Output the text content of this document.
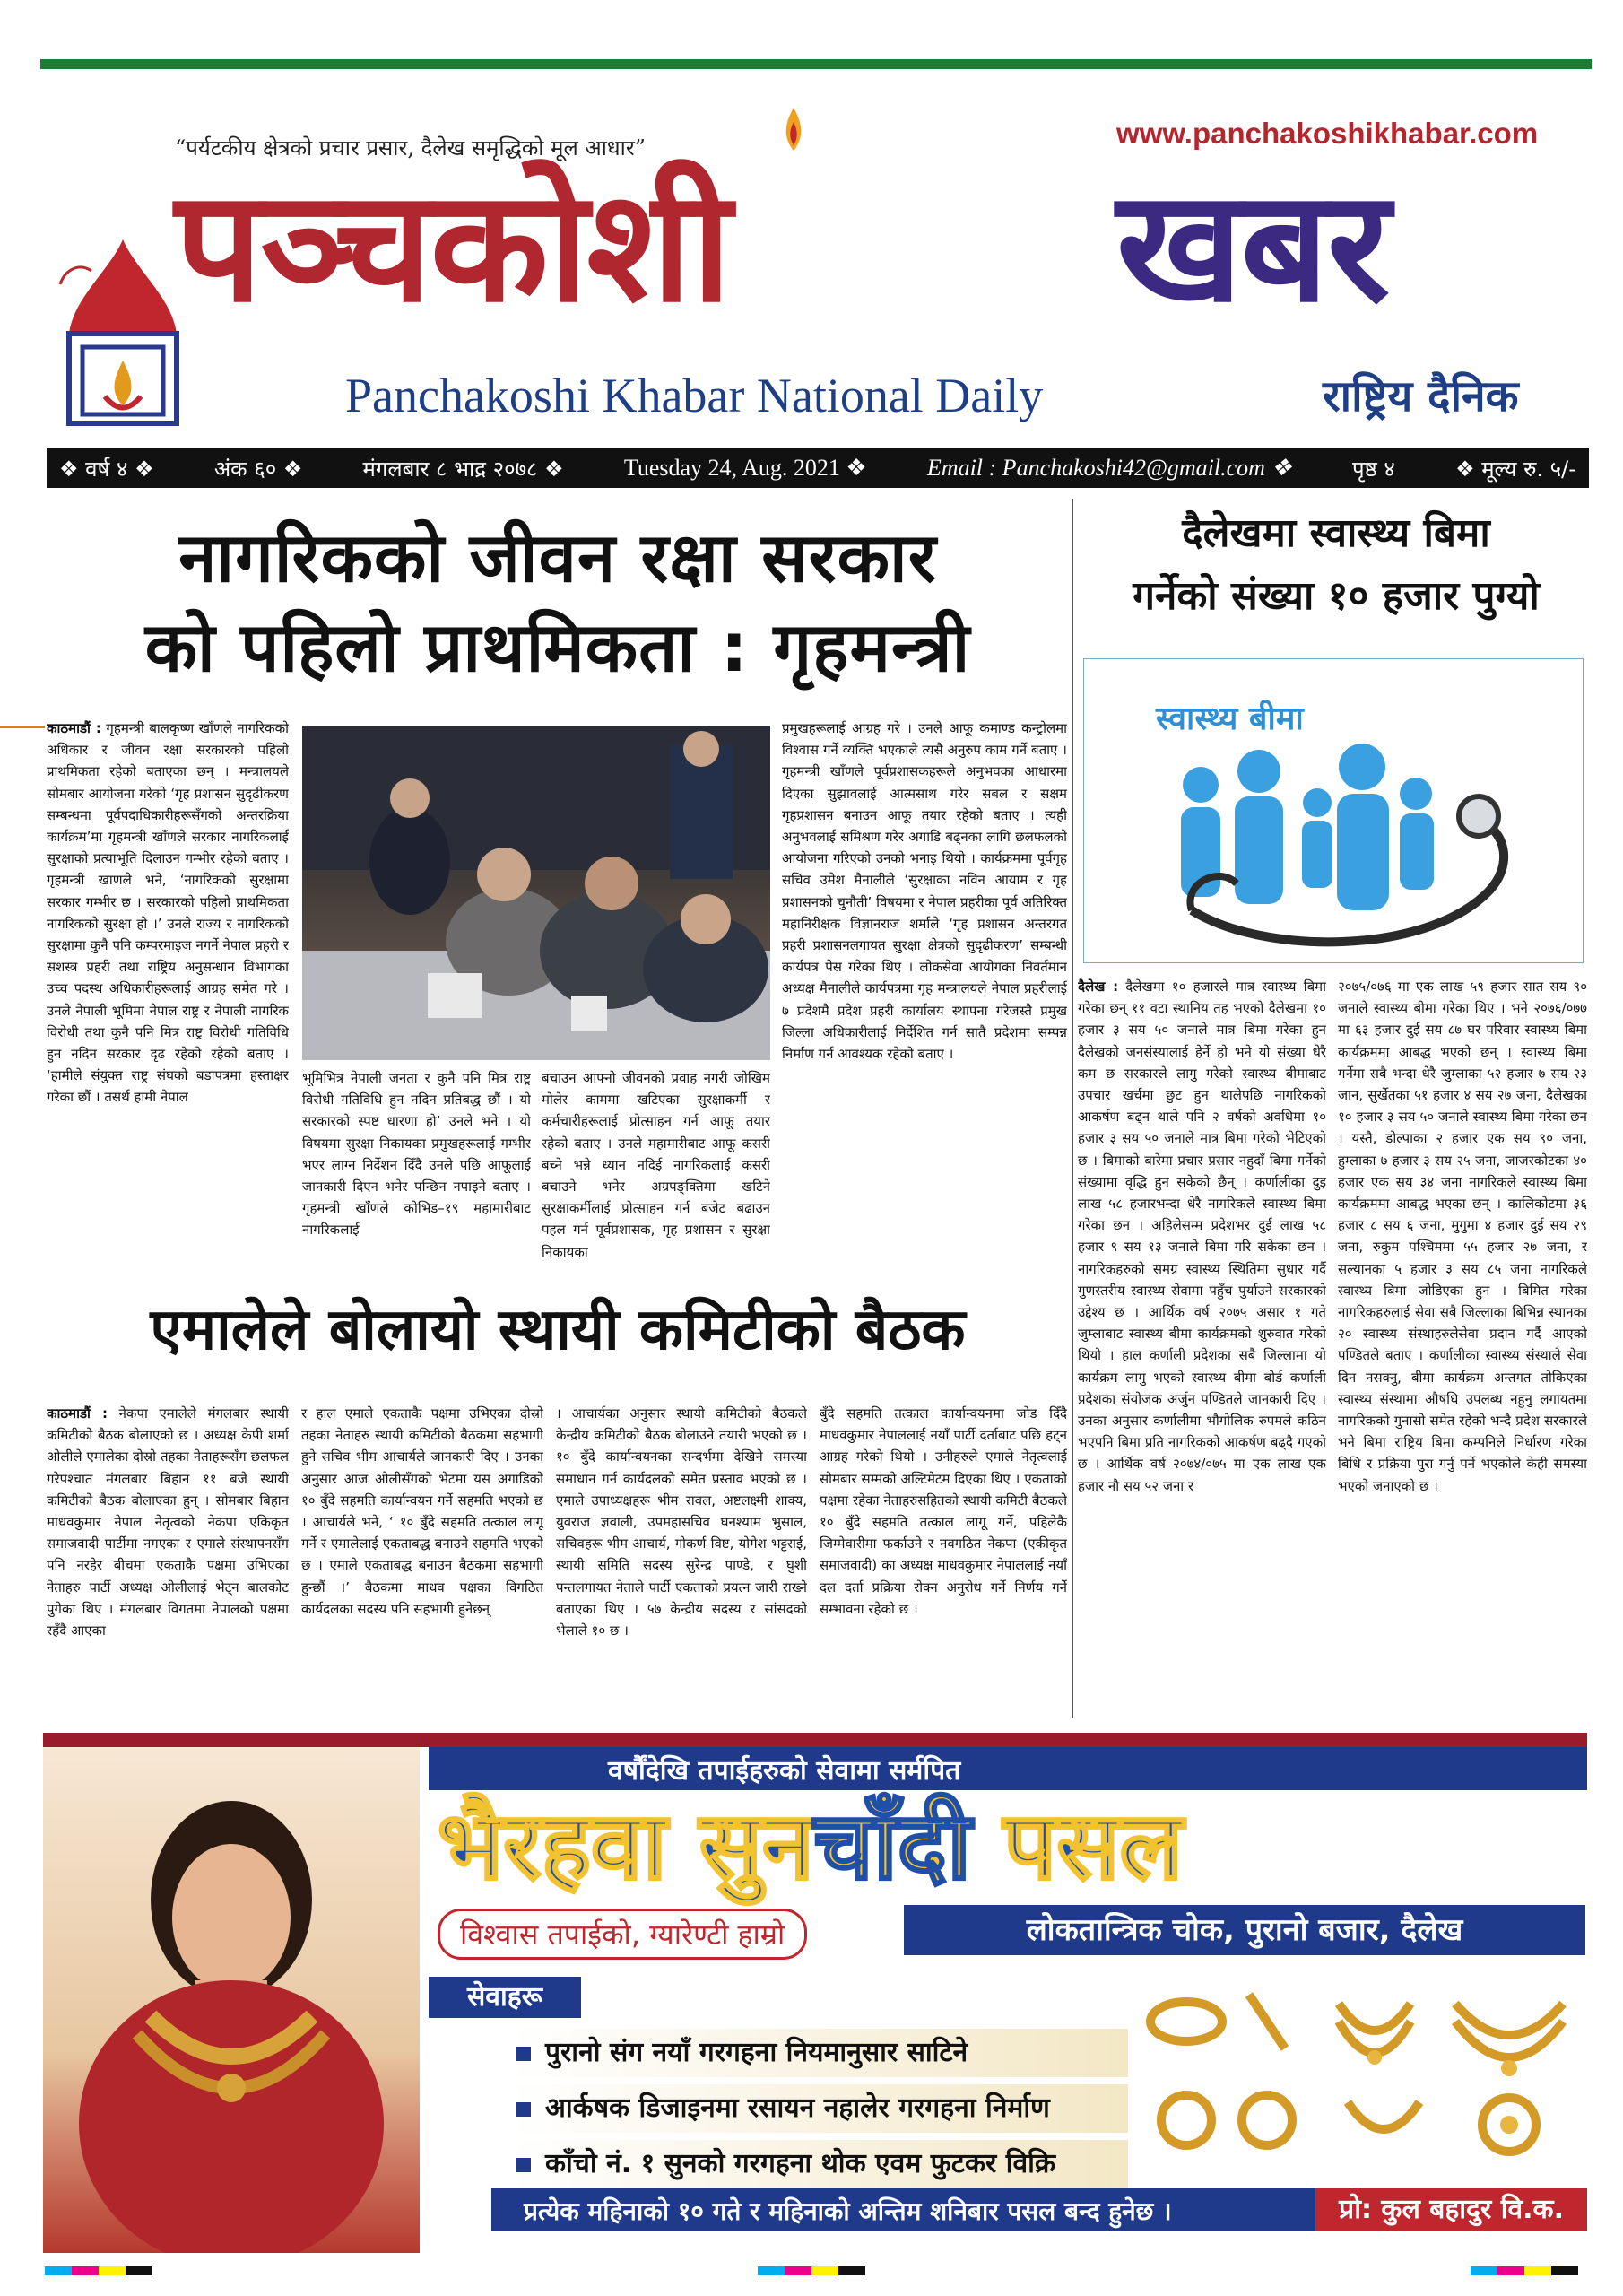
“पर्यटकीय क्षेत्रको प्रचार प्रसार, दैलेख समृद्धिको मूल आधार”	www.panchakoshikhabar.com
पञ्चकोशी	खबर
Panchakoshi Khabar National Daily	राष्ट्रिय दैनिक
❖ वर्ष ४ ❖	अंक ६० ❖	मंगलबार ८ भाद्र २०७८ ❖	Tuesday 24, Aug. 2021 ❖	Email : Panchakoshi42@gmail.com ❖	पृष्ठ ४	❖ मूल्य रु. ५/-
नागरिकको जीवन रक्षा सरकार
को पहिलो प्राथमिकता : गृहमन्त्री
काठमाडौं : गृहमन्त्री बालकृष्ण खाँणले नागरिकको अधिकार र जीवन रक्षा सरकारको पहिलो प्राथमिकता रहेको बताएका छन् । मन्त्रालयले सोमबार आयोजना गरेको ‘गृह प्रशासन सुदृढीकरण सम्बन्धमा पूर्वपदाधिकारीहरूसँगको अन्तरक्रिया कार्यक्रम’मा गृहमन्त्री खाँणले सरकार नागरिकलाई सुरक्षाको प्रत्याभूति दिलाउन गम्भीर रहेको बताए । गृहमन्त्री खाणले भने, ‘नागरिकको सुरक्षामा सरकार गम्भीर छ । सरकारको पहिलो प्राथमिकता नागरिकको सुरक्षा हो ।’ उनले राज्य र नागरिकको सुरक्षामा कुनै पनि कम्परमाइज नगर्ने नेपाल प्रहरी र सशस्त्र प्रहरी तथा राष्ट्रिय अनुसन्धान विभागका उच्च पदस्थ अधिकारीहरूलाई आग्रह समेत गरे । उनले नेपाली भूमिमा नेपाल राष्ट्र र नेपाली नागरिक विरोधी तथा कुनै पनि मित्र राष्ट्र विरोधी गतिविधि हुन नदिन सरकार दृढ रहेको रहेको बताए । ‘हामीले संयुक्त राष्ट्र संघको बडापत्रमा हस्ताक्षर गरेका छौं । तसर्थ हामी नेपाल
भूमिभित्र नेपाली जनता र कुनै पनि मित्र राष्ट्र विरोधी गतिविधि हुन नदिन प्रतिबद्ध छौं । यो सरकारको स्पष्ट धारणा हो’ उनले भने । यो विषयमा सुरक्षा निकायका प्रमुखहरूलाई गम्भीर भएर लाग्न निर्देशन दिँदै उनले पछि आफूलाई जानकारी दिएन भनेर पन्छिन नपाइने बताए । गृहमन्त्री खाँणले कोभिड–१९ महामारीबाट नागरिकलाई
बचाउन आफ्नो जीवनको प्रवाह नगरी जोखिम मोलेर काममा खटिएका सुरक्षाकर्मी र कर्मचारीहरूलाई प्रोत्साहन गर्न आफू तयार रहेको बताए । उनले महामारीबाट आफू कसरी बच्ने भन्ने ध्यान नदिई नागरिकलाई कसरी बचाउने भनेर अग्रपङ्क्तिमा खटिने सुरक्षाकर्मीलाई प्रोत्साहन गर्न बजेट बढाउन पहल गर्न पूर्वप्रशासक, गृह प्रशासन र सुरक्षा निकायका
प्रमुखहरूलाई आग्रह गरे । उनले आफू कमाण्ड कन्ट्रोलमा विश्वास गर्ने व्यक्ति भएकाले त्यसै अनुरुप काम गर्ने बताए । गृहमन्त्री खाँणले पूर्वप्रशासकहरूले अनुभवका आधारमा दिएका सुझावलाई आत्मसाथ गरेर सबल र सक्षम गृहप्रशासन बनाउन आफू तयार रहेको बताए । त्यही अनुभवलाई समिश्रण गरेर अगाडि बढ्नका लागि छलफलको आयोजना गरिएको उनको भनाइ थियो । कार्यक्रममा पूर्वगृह सचिव उमेश मैनालीले ‘सुरक्षाका नविन आयाम र गृह प्रशासनको चुनौती’ विषयमा र नेपाल प्रहरीका पूर्व अतिरिक्त महानिरीक्षक विज्ञानराज शर्माले ‘गृह प्रशासन अन्तरगत प्रहरी प्रशासनलगायत सुरक्षा क्षेत्रको सुदृढीकरण’ सम्बन्धी कार्यपत्र पेस गरेका थिए । लोकसेवा आयोगका निवर्तमान अध्यक्ष मैनालीले कार्यपत्रमा गृह मन्त्रालयले नेपाल प्रहरीलाई ७ प्रदेशमै प्रदेश प्रहरी कार्यालय स्थापना गरेजस्तै प्रमुख जिल्ला अधिकारीलाई निर्देशित गर्न सातै प्रदेशमा सम्पन्न निर्माण गर्न आवश्यक रहेको बताए ।
एमालेले बोलायो स्थायी कमिटीको बैठक
काठमाडौं : नेकपा एमालेले मंगलबार स्थायी कमिटीको बैठक बोलाएको छ । अध्यक्ष केपी शर्मा ओलीले एमालेका दोस्रो तहका नेताहरूसँग छलफल गरेपश्चात मंगलबार बिहान ११ बजे स्थायी कमिटीको बैठक बोलाएका हुन् । सोमबार बिहान माधवकुमार नेपाल नेतृत्वको नेकपा एकिकृत समाजवादी पार्टीमा नगएका र एमाले संस्थापनसँग पनि नरहेर बीचमा एकताकै पक्षमा उभिएका नेताहरु पार्टी अध्यक्ष ओलीलाई भेट्न बालकोट पुगेका थिए । मंगलबार विगतमा नेपालको पक्षमा रहँदै आएका
र हाल एमाले एकताकै पक्षमा उभिएका दोस्रो तहका नेताहरु स्थायी कमिटीको बैठकमा सहभागी हुने सचिव भीम आचार्यले जानकारी दिए । उनका अनुसार आज ओलीसँगको भेटमा यस अगाडिको १० बुँदे सहमति कार्यान्वयन गर्ने सहमति भएको छ । आचार्यले भने, ‘ १० बुँदे सहमति तत्काल लागू गर्ने र एमालेलाई एकताबद्ध बनाउने सहमति भएको छ । एमाले एकताबद्ध बनाउन बैठकमा सहभागी हुन्छौं ।’ बैठकमा माधव पक्षका विगठित कार्यदलका सदस्य पनि सहभागी हुनेछन्
। आचार्यका अनुसार स्थायी कमिटीको बैठकले केन्द्रीय कमिटीको बैठक बोलाउने तयारी भएको छ । १० बुँदे कार्यान्वयनका सन्दर्भमा देखिने समस्या समाधान गर्न कार्यदलको समेत प्रस्ताव भएको छ । एमाले उपाध्यक्षहरू भीम रावल, अष्टलक्ष्मी शाक्य, युवराज ज्ञवाली, उपमहासचिव घनश्याम भुसाल, सचिवहरू भीम आचार्य, गोकर्ण विष्ट, योगेश भट्टराई, स्थायी समिति सदस्य सुरेन्द्र पाण्डे, र घुशी पन्तलगायत नेताले पार्टी एकताको प्रयत्न जारी राख्ने बताएका थिए । ५७ केन्द्रीय सदस्य र सांसदको भेलाले १० छ ।
बुँदे सहमति तत्काल कार्यान्वयनमा जोड दिँदै माधवकुमार नेपाललाई नयाँ पार्टी दर्ताबाट पछि हट्न आग्रह गरेको थियो । उनीहरुले एमाले नेतृत्वलाई सोमबार सम्मको अल्टिमेटम दिएका थिए । एकताको पक्षमा रहेका नेताहरुसहितको स्थायी कमिटी बैठकले १० बुँदे सहमति तत्काल लागू गर्ने, पहिलेकै जिम्मेवारीमा फर्काउने र नवगठित नेकपा (एकीकृत समाजवादी) का अध्यक्ष माधवकुमार नेपाललाई नयाँ दल दर्ता प्रक्रिया रोक्न अनुरोध गर्ने निर्णय गर्ने सम्भावना रहेको छ ।
दैलेखमा स्वास्थ्य बिमा
गर्नेको संख्या १० हजार पुग्यो
स्वास्थ्य बीमा
दैलेख : दैलेखमा १० हजारले मात्र स्वास्थ्य बिमा गरेका छन् ११ वटा स्थानिय तह भएको दैलेखमा १० हजार ३ सय ५० जनाले मात्र बिमा गरेका हुन दैलेखको जनसंस्यालाई हेर्ने हो भने यो संख्या धेरै कम छ सरकारले लागु गरेको स्वास्थ्य बीमाबाट उपचार खर्चमा छुट हुन थालेपछि नागरिकको आकर्षण बढ्न थाले पनि २ वर्षको अवधिमा १० हजार ३ सय ५० जनाले मात्र बिमा गरेको भेटिएको छ । बिमाको बारेमा प्रचार प्रसार नहुदाँ बिमा गर्नेको संख्यामा वृद्धि हुन सकेको छैन् । कर्णालीका दुइ लाख ५८ हजारभन्दा धेरै नागरिकले स्वास्थ्य बिमा गरेका छन । अहिलेसम्म प्रदेशभर दुई लाख ५८ हजार ९ सय १३ जनाले बिमा गरि सकेका छन । नागरिकहरुको समग्र स्वास्थ्य स्थितिमा सुधार गर्दै गुणस्तरीय स्वास्थ्य सेवामा पहुँच पुर्याउने सरकारको उद्देश्य छ । आर्थिक वर्ष २०७५ असार १ गते जुम्लाबाट स्वास्थ्य बीमा कार्यक्रमको शुरुवात गरेको थियो । हाल कर्णाली प्रदेशका सबै जिल्लामा यो कार्यक्रम लागु भएको स्वास्थ्य बीमा बोर्ड कर्णाली प्रदेशका संयोजक अर्जुन पण्डितले जानकारी दिए । उनका अनुसार कर्णालीमा भौगोलिक रुपमले कठिन भएपनि बिमा प्रति नागरिकको आकर्षण बढ्दै गएको छ । आर्थिक वर्ष २०७४/०७५ मा एक लाख एक हजार नौ सय ५२ जना र
२०७५/०७६ मा एक लाख ५९ हजार सात सय ९० जनाले स्वास्थ्य बीमा गरेका थिए । भने २०७६/०७७ मा ६३ हजार दुई सय ८७ घर परिवार स्वास्थ्य बिमा कार्यक्रममा आबद्ध भएको छन् । स्वास्थ्य बिमा गर्नेमा सबै भन्दा धेरै जुम्लाका ५२ हजार ७ सय २३ जान, सुर्खेतका ५१ हजार ४ सय २७ जना, दैलेखका १० हजार ३ सय ५० जनाले स्वास्थ्य बिमा गरेका छन । यस्तै, डोल्पाका २ हजार एक सय ९० जना, हुम्लाका ७ हजार ३ सय २५ जना, जाजरकोटका ४० हजार एक सय ३४ जना नागरिकले स्वास्थ्य बिमा कार्यक्रममा आबद्ध भएका छन् । कालिकोटमा ३६ हजार ८ सय ६ जना, मुगुमा ४ हजार दुई सय २९ जना, रुकुम पश्चिममा ५५ हजार २७ जना, र सल्यानका ५ हजार ३ सय ८५ जना नागरिकले स्वास्थ्य बिमा जोडिएका हुन । बिमित गरेका नागरिकहरुलाई सेवा सबै जिल्लाका बिभिन्न स्थानका २० स्वास्थ्य संस्थाहरुलेसेवा प्रदान गर्दै आएको पण्डितले बताए । कर्णालीका स्वास्थ्य संस्थाले सेवा दिन नसक्नु, बीमा कार्यक्रम अन्तगत तोकिएका स्वास्थ्य संस्थामा औषधि उपलब्ध नहुनु लगायतमा नागरिकको गुनासो समेत रहेको भन्दै प्रदेश सरकारले भने बिमा राष्ट्रिय बिमा कम्पनिले निर्धारण गरेका बिधि र प्रक्रिया पुरा गर्नु पर्ने भएकोले केही समस्या भएको जनाएको छ ।
वर्षौंदेखि तपाईहरुको सेवामा सर्मपित	✆ ०८९ ४१००४२
भैरहवा सुनचाँदी पसल
विश्वास तपाईको, ग्यारेण्टी हाम्रो	लोकतान्त्रिक चोक, पुरानो बजार, दैलेख
सेवाहरू
पुरानो संग नयाँ गरगहना नियमानुसार साटिने
आर्कषक डिजाइनमा रसायन नहालेर गरगहना निर्माण
काँचो नं. १ सुनको गरगहना थोक एवम फुटकर विक्रि
प्रत्येक महिनाको १० गते र महिनाको अन्तिम शनिबार पसल बन्द हुनेछ ।	प्रो: कुल बहादुर वि.क.
